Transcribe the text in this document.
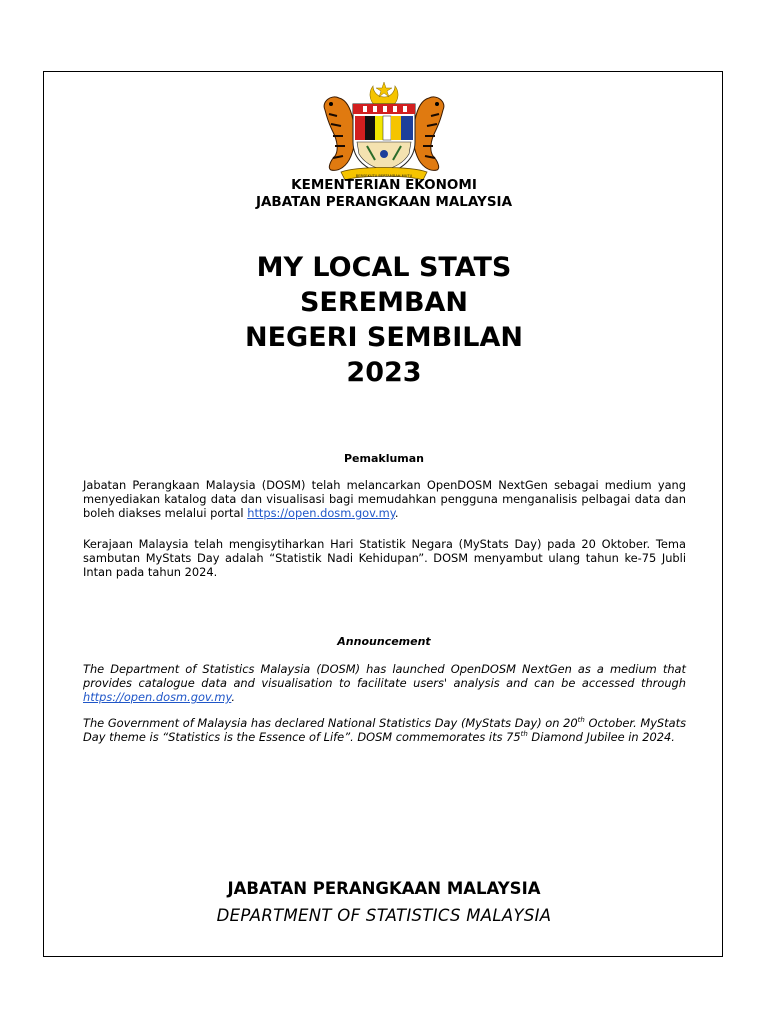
BERSEKUTU BERTAMBAH MUTU
KEMENTERIAN EKONOMI
JABATAN PERANGKAAN MALAYSIA
MY LOCAL STATS
SEREMBAN
NEGERI SEMBILAN
2023
Pemakluman
Jabatan Perangkaan Malaysia (DOSM) telah melancarkan OpenDOSM NextGen sebagai medium yang menyediakan katalog data dan visualisasi bagi memudahkan pengguna menganalisis pelbagai data dan boleh diakses melalui portal https://open.dosm.gov.my.
Kerajaan Malaysia telah mengisytiharkan Hari Statistik Negara (MyStats Day) pada 20 Oktober. Tema sambutan MyStats Day adalah “Statistik Nadi Kehidupan”. DOSM menyambut ulang tahun ke-75 Jubli Intan pada tahun 2024.
Announcement
The Department of Statistics Malaysia (DOSM) has launched OpenDOSM NextGen as a medium that provides catalogue data and visualisation to facilitate users' analysis and can be accessed through https://open.dosm.gov.my.
The Government of Malaysia has declared National Statistics Day (MyStats Day) on 20th October. MyStats Day theme is “Statistics is the Essence of Life”. DOSM commemorates its 75th Diamond Jubilee in 2024.
JABATAN PERANGKAAN MALAYSIA
DEPARTMENT OF STATISTICS MALAYSIA
